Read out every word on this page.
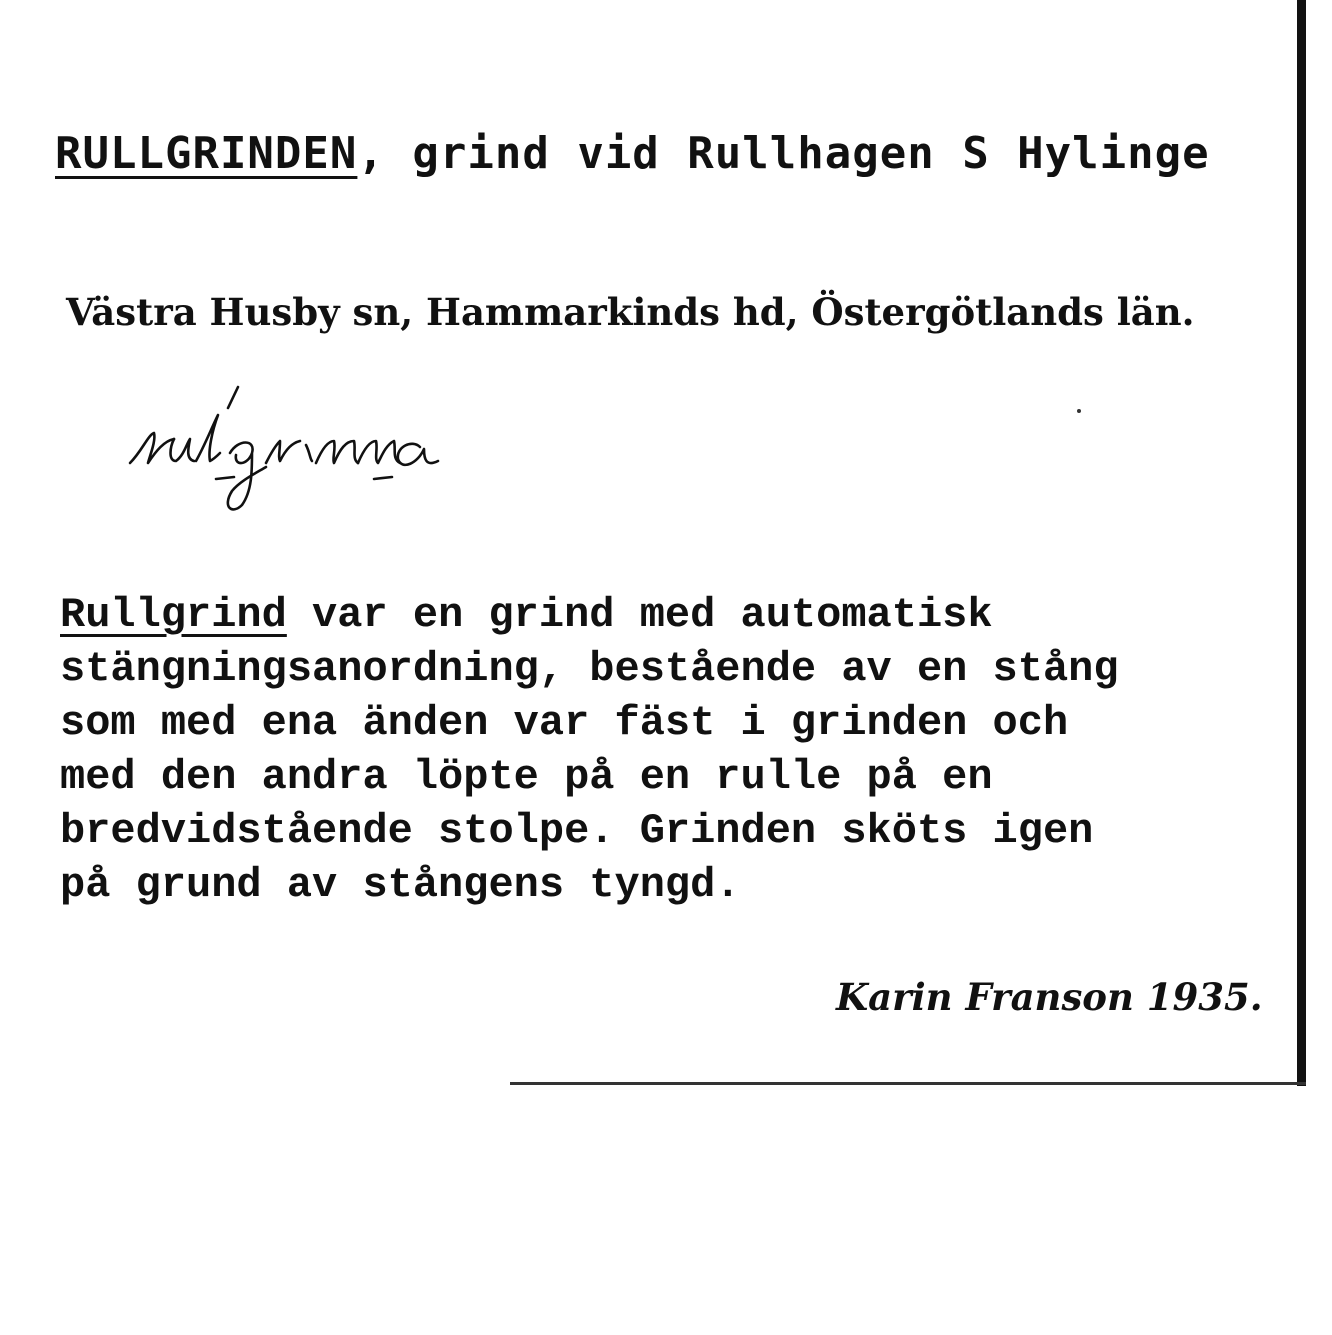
RULLGRINDEN, grind vid Rullhagen S Hylinge
Västra Husby sn, Hammarkinds hd, Östergötlands län.
Rullgrind var en grind med automatisk
stängningsanordning, bestående av en stång
som med ena änden var fäst i grinden och
med den andra löpte på en rulle på en
bredvidstående stolpe. Grinden sköts igen
på grund av stångens tyngd.
Karin Franson 1935.
